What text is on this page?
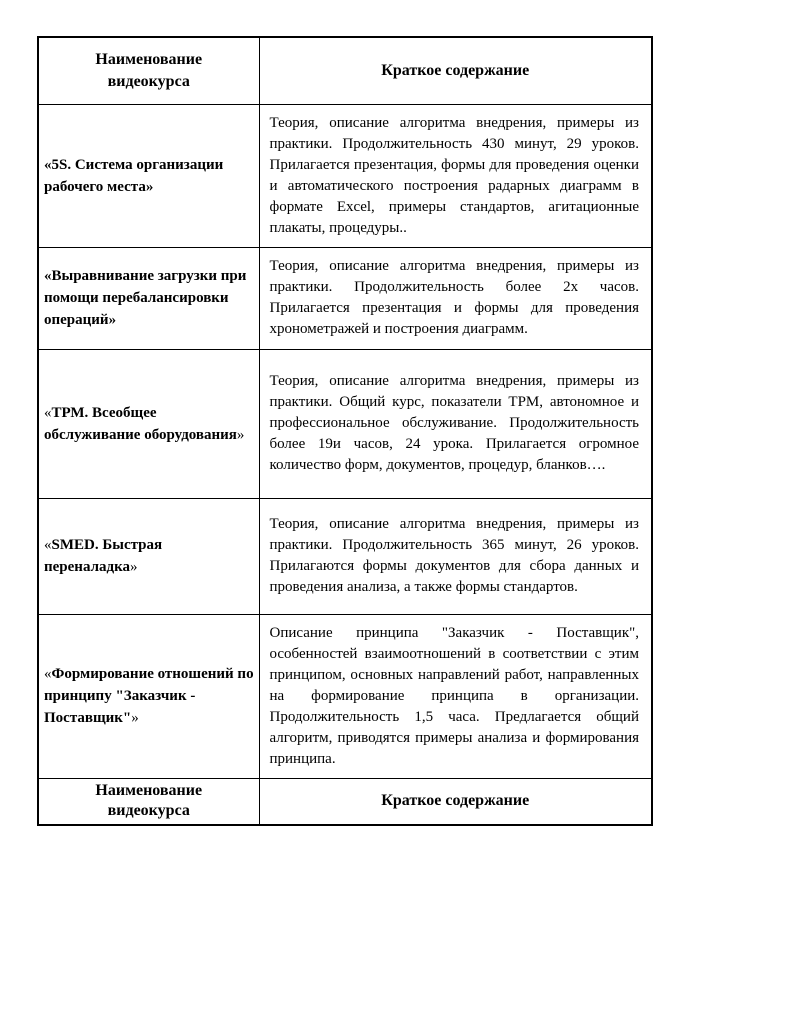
Наименование видеокурса	Краткое содержание

«5S. Система организации рабочего места»	Теория, описание алгоритма внедрения, примеры из практики. Продолжительность 430 минут, 29 уроков. Прилагается презентация, формы для проведения оценки и автоматического построения радарных диаграмм в формате Excel, примеры стандартов, агитационные плакаты, процедуры..

«Выравнивание загрузки при помощи перебалансировки операций»	Теория, описание алгоритма внедрения, примеры из практики. Продолжительность более 2х часов. Прилагается презентация и формы для проведения хронометражей и построения диаграмм.

«ТРМ. Всеобщее обслуживание оборудования»	Теория, описание алгоритма внедрения, примеры из практики. Общий курс, показатели ТРМ, автономное и профессиональное обслуживание. Продолжительность более 19и часов, 24 урока. Прилагается огромное количество форм, документов, процедур, бланков….

«SMED. Быстрая переналадка»	Теория, описание алгоритма внедрения, примеры из практики. Продолжительность 365 минут, 26 уроков. Прилагаются формы документов для сбора данных и проведения анализа, а также формы стандартов.

«Формирование отношений по принципу "Заказчик - Поставщик"»	Описание принципа "Заказчик - Поставщик", особенностей взаимоотношений в соответствии с этим принципом, основных направлений работ, направленных на формирование принципа в организации. Продолжительность 1,5 часа. Предлагается общий алгоритм, приводятся примеры анализа и формирования принципа.

Наименование видеокурса	Краткое содержание
